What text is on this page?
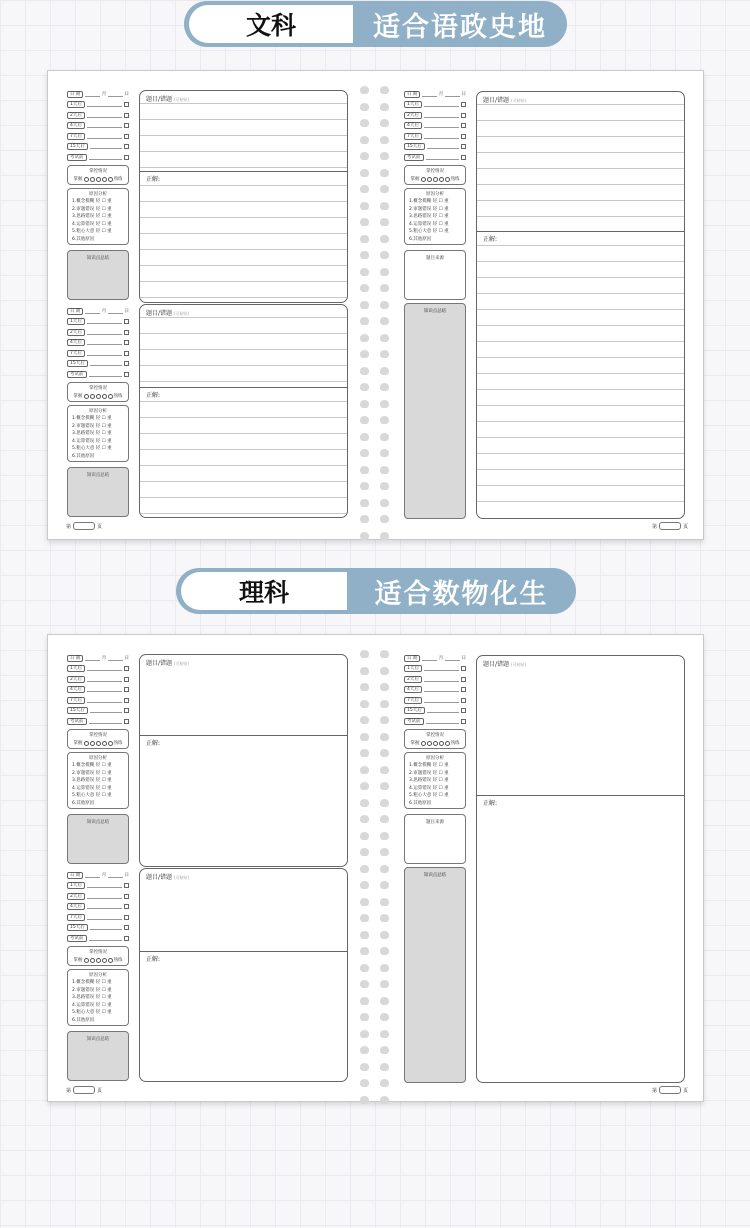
文科	适合语政史地
日 期	月	日
1天后
2天后
4天后
7天后
15天后
考试前
掌控情况
掌握	熟练
原因分析
1.概念模糊 轻 ☐ 重
2.审题错误 轻 ☐ 重
3.思路错误 轻 ☐ 重
4.运算错误 轻 ☐ 重
5.粗心大意 轻 ☐ 重
6.其他原因
知识点总结
题目/错题 (可粘贴)
正解:
日 期	月	日
1天后
2天后
4天后
7天后
15天后
考试前
掌控情况
掌握	熟练
原因分析
1.概念模糊 轻 ☐ 重
2.审题错误 轻 ☐ 重
3.思路错误 轻 ☐ 重
4.运算错误 轻 ☐ 重
5.粗心大意 轻 ☐ 重
6.其他原因
知识点总结
题目/错题 (可粘贴)
正解:
第	页
日 期	月	日
1天后
2天后
4天后
7天后
15天后
考试前
掌控情况
掌握	熟练
原因分析
1.概念模糊 轻 ☐ 重
2.审题错误 轻 ☐ 重
3.思路错误 轻 ☐ 重
4.运算错误 轻 ☐ 重
5.粗心大意 轻 ☐ 重
6.其他原因
题目来源
知识点总结
题目/错题 (可粘贴)
正解:
第	页
理科	适合数物化生
日 期	月	日
1天后
2天后
4天后
7天后
15天后
考试前
掌控情况
掌握	熟练
原因分析
1.概念模糊 轻 ☐ 重
2.审题错误 轻 ☐ 重
3.思路错误 轻 ☐ 重
4.运算错误 轻 ☐ 重
5.粗心大意 轻 ☐ 重
6.其他原因
知识点总结
题目/错题 (可粘贴)
正解:
日 期	月	日
1天后
2天后
4天后
7天后
15天后
考试前
掌控情况
掌握	熟练
原因分析
1.概念模糊 轻 ☐ 重
2.审题错误 轻 ☐ 重
3.思路错误 轻 ☐ 重
4.运算错误 轻 ☐ 重
5.粗心大意 轻 ☐ 重
6.其他原因
知识点总结
题目/错题 (可粘贴)
正解:
第	页
日 期	月	日
1天后
2天后
4天后
7天后
15天后
考试前
掌控情况
掌握	熟练
原因分析
1.概念模糊 轻 ☐ 重
2.审题错误 轻 ☐ 重
3.思路错误 轻 ☐ 重
4.运算错误 轻 ☐ 重
5.粗心大意 轻 ☐ 重
6.其他原因
题目来源
知识点总结
题目/错题 (可粘贴)
正解:
第	页
